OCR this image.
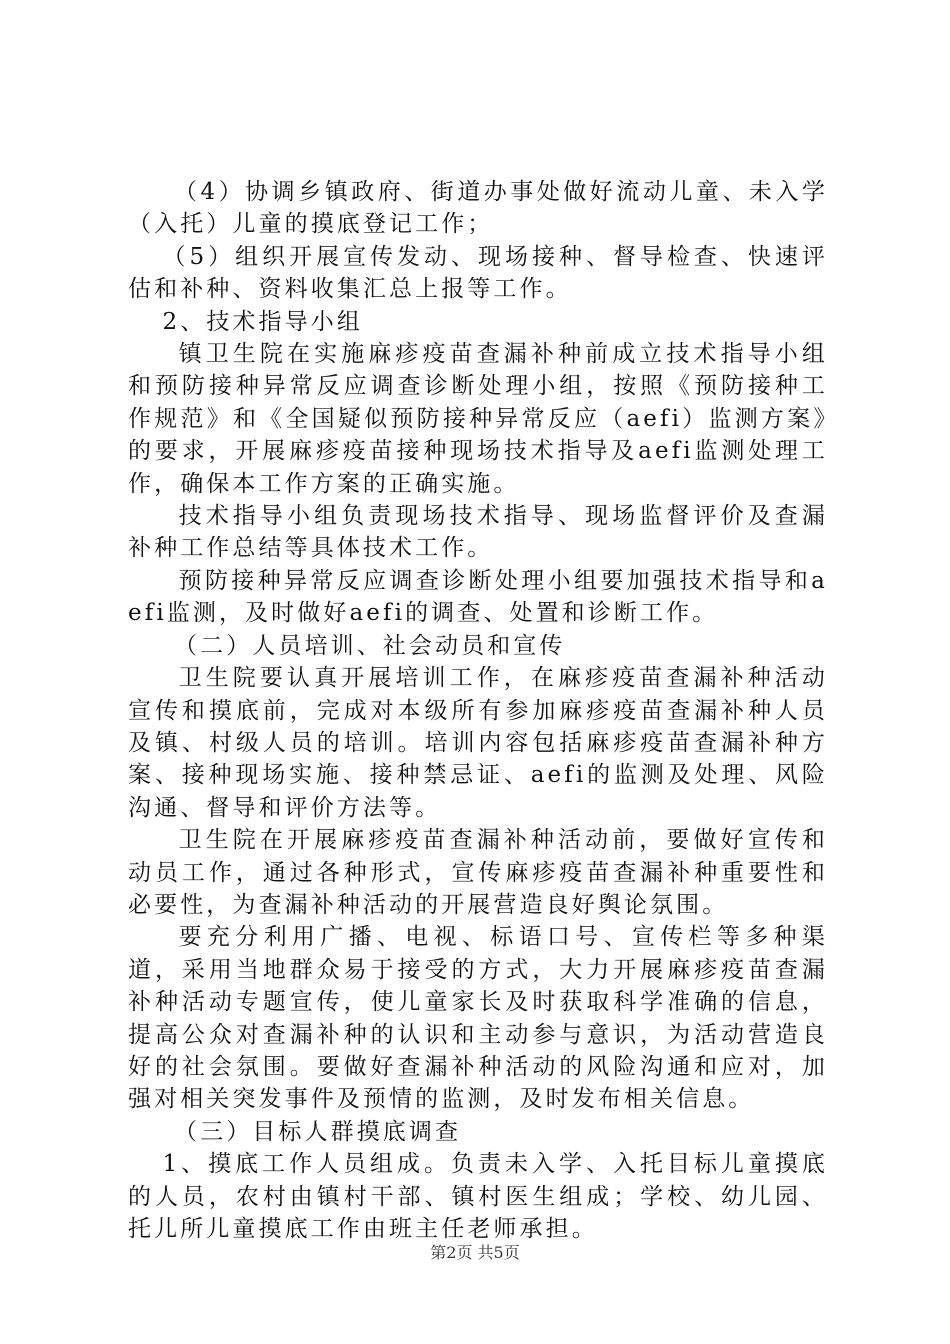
（4）协调乡镇政府、街道办事处做好流动儿童、未入学（入托）儿童的摸底登记工作；

（5）组织开展宣传发动、现场接种、督导检查、快速评估和补种、资料收集汇总上报等工作。

2、技术指导小组

镇卫生院在实施麻疹疫苗查漏补种前成立技术指导小组和预防接种异常反应调查诊断处理小组，按照《预防接种工作规范》和《全国疑似预防接种异常反应（aefi）监测方案》的要求，开展麻疹疫苗接种现场技术指导及aefi监测处理工作，确保本工作方案的正确实施。

技术指导小组负责现场技术指导、现场监督评价及查漏补种工作总结等具体技术工作。

预防接种异常反应调查诊断处理小组要加强技术指导和aefi监测，及时做好aefi的调查、处置和诊断工作。

（二）人员培训、社会动员和宣传

卫生院要认真开展培训工作，在麻疹疫苗查漏补种活动宣传和摸底前，完成对本级所有参加麻疹疫苗查漏补种人员及镇、村级人员的培训。培训内容包括麻疹疫苗查漏补种方案、接种现场实施、接种禁忌证、aefi的监测及处理、风险沟通、督导和评价方法等。

卫生院在开展麻疹疫苗查漏补种活动前，要做好宣传和动员工作，通过各种形式，宣传麻疹疫苗查漏补种重要性和必要性，为查漏补种活动的开展营造良好舆论氛围。

要充分利用广播、电视、标语口号、宣传栏等多种渠道，采用当地群众易于接受的方式，大力开展麻疹疫苗查漏补种活动专题宣传，使儿童家长及时获取科学准确的信息，提高公众对查漏补种的认识和主动参与意识，为活动营造良好的社会氛围。要做好查漏补种活动的风险沟通和应对，加强对相关突发事件及预情的监测，及时发布相关信息。

（三）目标人群摸底调查

1、摸底工作人员组成。负责未入学、入托目标儿童摸底的人员，农村由镇村干部、镇村医生组成；学校、幼儿园、托儿所儿童摸底工作由班主任老师承担。

第2页 共5页
